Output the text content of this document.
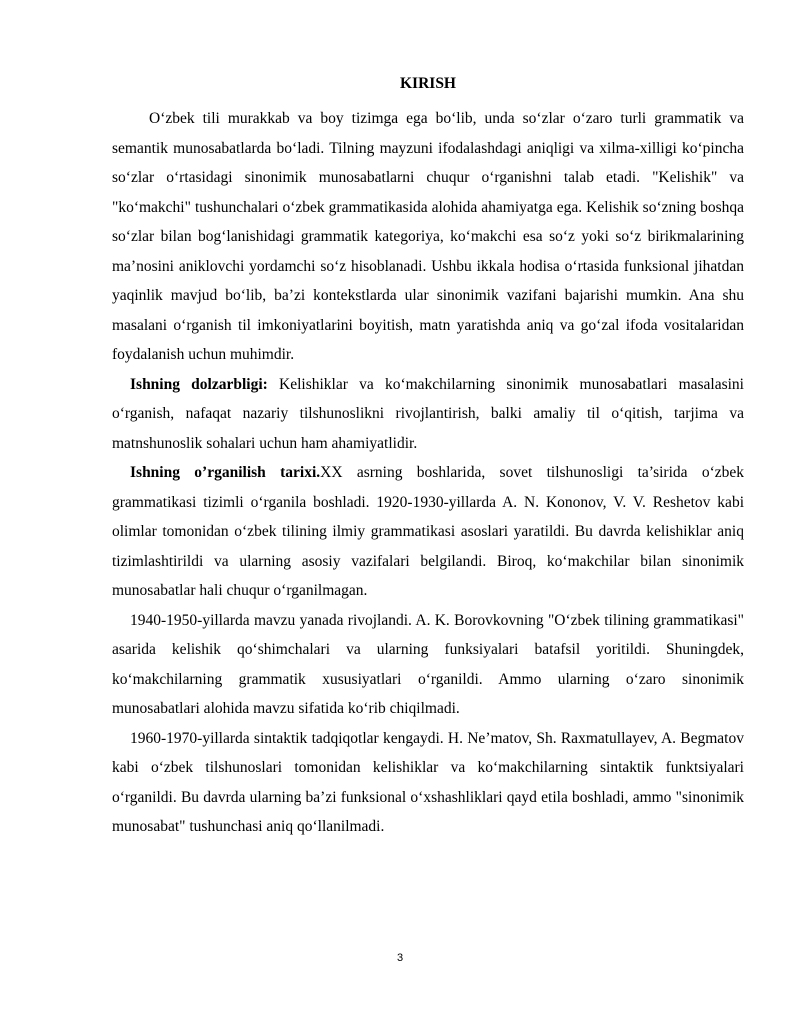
KIRISH

O‘zbek tili murakkab va boy tizimga ega bo‘lib, unda so‘zlar o‘zaro turli grammatik va semantik munosabatlarda bo‘ladi. Tilning mayzuni ifodalashdagi aniqligi va xilma-xilligi ko‘pincha so‘zlar o‘rtasidagi sinonimik munosabatlarni chuqur o‘rganishni talab etadi. "Kelishik" va "ko‘makchi" tushunchalari o‘zbek grammatikasida alohida ahamiyatga ega. Kelishik so‘zning boshqa so‘zlar bilan bog‘lanishidagi grammatik kategoriya, ko‘makchi esa so‘z yoki so‘z birikmalarining ma’nosini aniklovchi yordamchi so‘z hisoblanadi. Ushbu ikkala hodisa o‘rtasida funksional jihatdan yaqinlik mavjud bo‘lib, ba’zi kontekstlarda ular sinonimik vazifani bajarishi mumkin. Ana shu masalani o‘rganish til imkoniyatlarini boyitish, matn yaratishda aniq va go‘zal ifoda vositalaridan foydalanish uchun muhimdir.

Ishning dolzarbligi: Kelishiklar va ko‘makchilarning sinonimik munosabatlari masalasini o‘rganish, nafaqat nazariy tilshunoslikni rivojlantirish, balki amaliy til o‘qitish, tarjima va matnshunoslik sohalari uchun ham ahamiyatlidir.

Ishning o’rganilish tarixi.XX asrning boshlarida, sovet tilshunosligi ta’sirida o‘zbek grammatikasi tizimli o‘rganila boshladi. 1920-1930-yillarda A. N. Kononov, V. V. Reshetov kabi olimlar tomonidan o‘zbek tilining ilmiy grammatikasi asoslari yaratildi. Bu davrda kelishiklar aniq tizimlashtirildi va ularning asosiy vazifalari belgilandi. Biroq, ko‘makchilar bilan sinonimik munosabatlar hali chuqur o‘rganilmagan.

1940-1950-yillarda mavzu yanada rivojlandi. A. K. Borovkovning "O‘zbek tilining grammatikasi" asarida kelishik qo‘shimchalari va ularning funksiyalari batafsil yoritildi. Shuningdek, ko‘makchilarning grammatik xususiyatlari o‘rganildi. Ammo ularning o‘zaro sinonimik munosabatlari alohida mavzu sifatida ko‘rib chiqilmadi.

1960-1970-yillarda sintaktik tadqiqotlar kengaydi. H. Ne’matov, Sh. Raxmatullayev, A. Begmatov kabi o‘zbek tilshunoslari tomonidan kelishiklar va ko‘makchilarning sintaktik funktsiyalari o‘rganildi. Bu davrda ularning ba’zi funksional o‘xshashliklari qayd etila boshladi, ammo "sinonimik munosabat" tushunchasi aniq qo‘llanilmadi.

3
